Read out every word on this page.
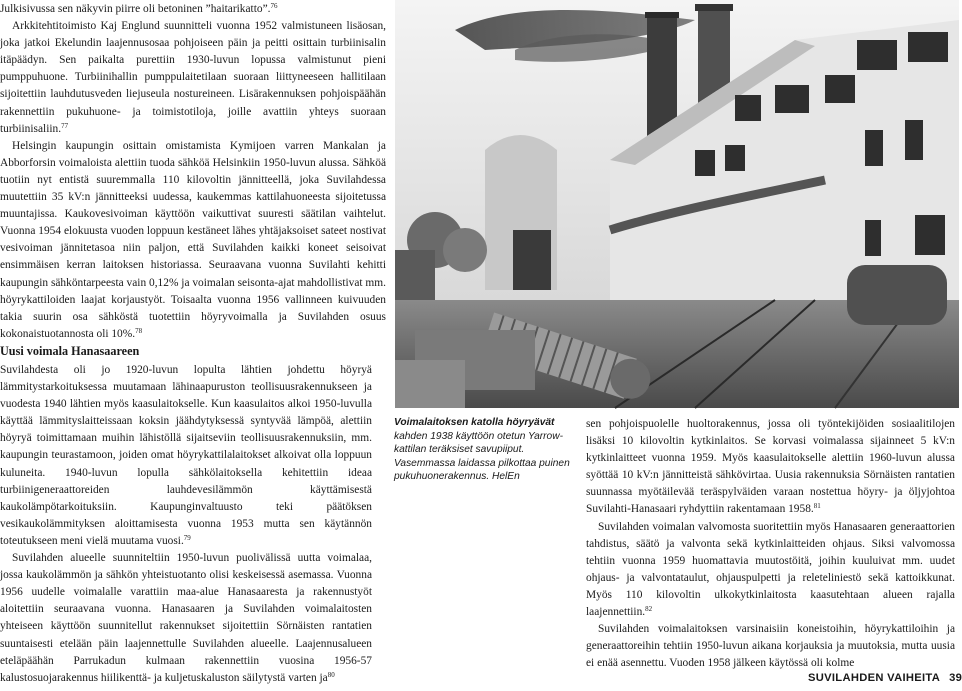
Julkisivussa sen näkyvin piirre oli betoninen ”haitarikatto”.$^{76}$

Arkkitehtitoimisto Kaj Englund suunnitteli vuonna 1952 valmistuneen lisäosan, joka jatkoi Ekelundin laajennusosaa pohjoiseen päin ja peitti osittain turbiinisalin itäpäädyn. Sen paikalta purettiin 1930-luvun lopussa valmistunut pieni pumppuhuone. Turbiinihallin pumppulaitetilaan suoraan liittyneeseen hallitilaan sijoitettiin lauhdutusveden liejuseula nostureineen. Lisärakennuksen pohjoispäähän rakennettiin pukuhuone- ja toimistotiloja, joille avattiin yhteys suoraan turbiinisaliin.$^{77}$

Helsingin kaupungin osittain omistamista Kymijoen varren Mankalan ja Abborforsin voimaloista alettiin tuoda sähköä Helsinkiin 1950-luvun alussa. Sähköä tuotiin nyt entistä suuremmalla 110 kilovoltin jännitteellä, joka Suvilahdessa muutettiin 35 kV:n jännitteeksi uudessa, kaukemmas kattilahuoneesta sijoitetussa muuntajissa. Kaukovesivoiman käyttöön vaikuttivat suuresti säätilan vaihtelut. Vuonna 1954 elokuusta vuoden loppuun kestäneet lähes yhtäjaksoiset sateet nostivat vesivoiman jännitetasoa niin paljon, että Suvilahden kaikki koneet seisoivat ensimmäisen kerran laitoksen historiassa. Seuraavana vuonna Suvilahti kehitti kaupungin sähköntarpeesta vain 0,12% ja voimalan seisonta-ajat mahdollistivat mm. höyrykattiloiden laajat korjaustyöt. Toisaalta vuonna 1956 vallinneen kuivuuden takia suurin osa sähköstä tuotettiin höyryvoimalla ja Suvilahden osuus kokonaistuotannosta oli 10%.$^{78}$

Uusi voimala Hanasaareen

Suvilahdesta oli jo 1920-luvun lopulta lähtien johdettu höyryä lämmitystarkoituksessa muutamaan lähinaapuruston teollisuusrakennukseen ja vuodesta 1940 lähtien myös kaasulaitokselle. Kun kaasulaitos alkoi 1950-luvulla käyttää lämmityslaitteissaan koksin jäähdytyksessä syntyvää lämpöä, alettiin höyryä toimittamaan muihin lähistöllä sijaitseviin teollisuusrakennuksiin, mm. kaupungin teurastamoon, joiden omat höyrykattilalaitokset alkoivat olla loppuun kuluneita. 1940-luvun lopulla sähkölaitoksella kehitettiin ideaa turbiinigeneraattoreiden lauhdevesilämmön käyttämisestä kaukolämpötarkoituksiin. Kaupunginvaltuusto teki päätöksen vesikaukolämmityksen aloittamisesta vuonna 1953 mutta sen käytännön toteutukseen meni vielä muutama vuosi.$^{79}$

Suvilahden alueelle suunniteltiin 1950-luvun puolivälissä uutta voimalaa, jossa kaukolämmön ja sähkön yhteistuotanto olisi keskeisessä asemassa. Vuonna 1956 uudelle voimalalle varattiin maa-alue Hanasaaresta ja rakennustyöt aloitettiin seuraavana vuonna. Hanasaaren ja Suvilahden voimalaitosten yhteiseen käyttöön suunnitellut rakennukset sijoitettiin Sörnäisten rantatien suuntaisesti etelään päin laajennettulle Suvilahden alueelle. Laajennusalueen eteläpäähän Parrukadun kulmaan rakennettiin vuosina 1956-57 kalustosuojarakennus hiilikenttä- ja kuljetuskaluston säilytystä varten $ja^{80}$

Voimalaitoksen katolla höyryävät kahden 1938 käyttöön otetun Yarrow-kattilan teräksiset savupiiput. Vasemmassa laidassa pilkottaa puinen pukuhuonerakennus. HelEn

sen pohjoispuolelle huoltorakennus, jossa oli työntekijöiden sosiaalitilojen lisäksi 10 kilovoltin kytkinlaitos. Se korvasi voimalassa sijainneet 5 kV:n kytkinlaitteet vuonna 1959. Myös kaasulaitokselle alettiin 1960-luvun alussa syöttää 10 kV:n jännitteistä sähkövirtaa. Uusia rakennuksia Sörnäisten rantatien suunnassa myötäilevää teräspylväiden varaan nostettua höyry- ja öljyjohtoa Suvilahti-Hanasaari ryhdyttiin rakentamaan 1958.81

Suvilahden voimalan valvomosta suoritettiin myös Hanasaaren generaattorien tahdistus, säätö ja valvonta sekä kytkinlaitteiden ohjaus. Siksi valvomossa tehtiin vuonna 1959 huomattavia muutostöitä, joihin kuuluivat mm. uudet ohjaus- ja valvontataulut, ohjauspulpetti ja releteliniestö sekä kattoikkunat. Myös 110 kilovoltin ulkokytkinlaitosta kaasutehtaan alueen rajalla laajennettiin.$^{82}$

Suvilahden voimalaitoksen varsinaisiin koneistoihin, höyrykattiloihin ja generaattoreihin tehtiin 1950-luvun aikana korjauksia ja muutoksia, mutta uusia ei enää asennettu. Vuoden 1958 jälkeen käytössä oli kolme

SUVILAHDEN VAIHEITA 39
